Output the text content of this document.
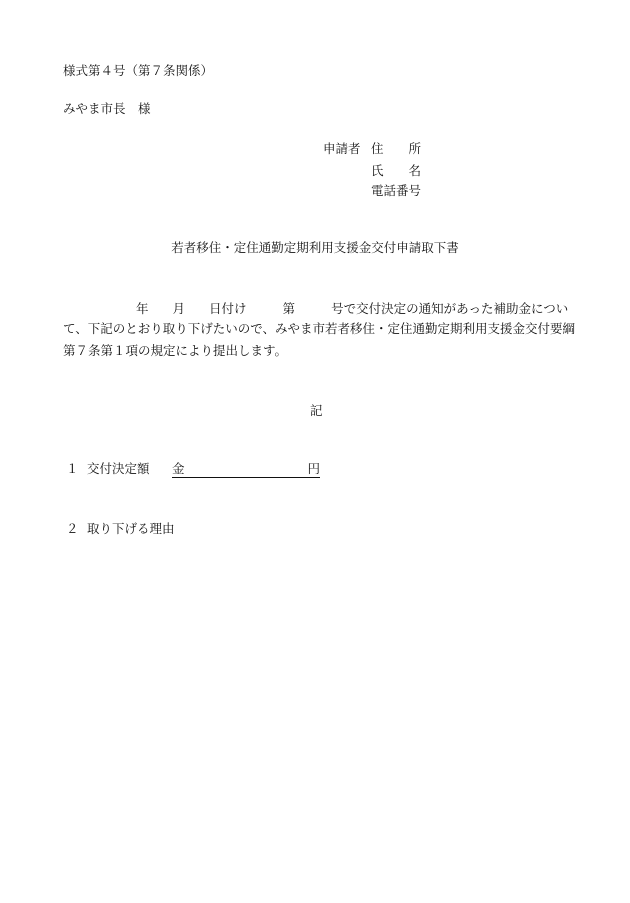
様式第４号（第７条関係）
みやま市長　様
申請者 住　　所
氏　　名
電話番号
若者移住・定住通勤定期利用支援金交付申請取下書
年 月 日付け	第	号で交付決定の通知があった補助金につい
て、下記のとおり取り下げたいので、みやま市若者移住・定住通勤定期利用支援金交付要綱
第７条第１項の規定により提出します。
記
１ 交付決定額 金	円
２ 取り下げる理由
